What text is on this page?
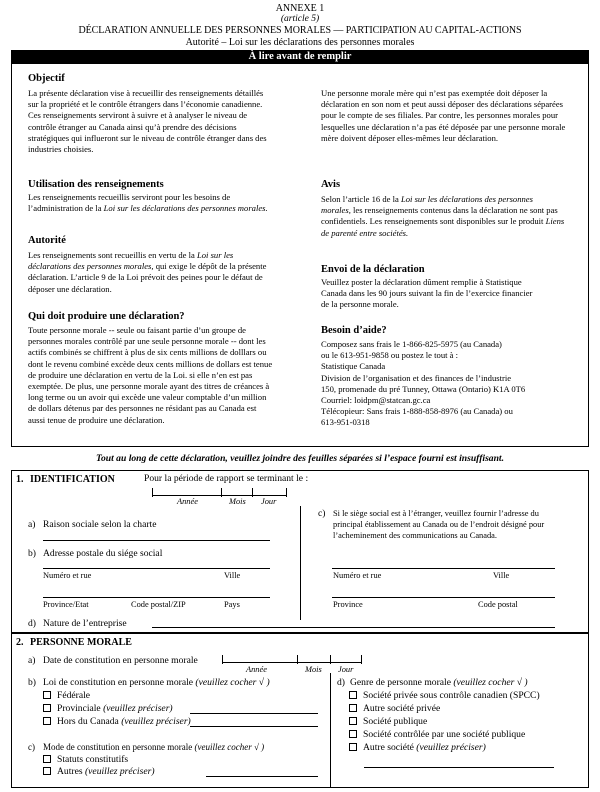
ANNEXE 1
(article 5)
DÉCLARATION ANNUELLE DES PERSONNES MORALES — PARTICIPATION AU CAPITAL-ACTIONS
Autorité – Loi sur les déclarations des personnes morales
À lire avant de remplir
Objectif
La présente déclaration vise à recueillir des renseignements détaillés
sur la propriété et le contrôle étrangers dans l’économie canadienne.
Ces renseignements serviront à suivre et à analyser le niveau de
contrôle étranger au Canada ainsi qu’à prendre des décisions
stratégiques qui influeront sur le niveau de contrôle étranger dans des
industries choisies.
Utilisation des renseignements
Les renseignements recueillis serviront pour les besoins de
l’administration de la Loi sur les déclarations des personnes morales.
Autorité
Les renseignements sont recueillis en vertu de la Loi sur les
déclarations des personnes morales, qui exige le dépôt de la présente
déclaration. L’article 9 de la Loi prévoit des peines pour le défaut de
déposer une déclaration.
Qui doit produire une déclaration?
Toute personne morale -- seule ou faisant partie d’un groupe de
personnes morales contrôlé par une seule personne morale -- dont les
actifs combinés se chiffrent à plus de six cents millions de dolllars ou
dont le revenu combiné excède deux cents millions de dollars est tenue
de produire une déclaration en vertu de la Loi. si elle n’en est pas
exemptée. De plus, une personne morale ayant des titres de créances à
long terme ou un avoir qui excède une valeur comptable d’un million
de dollars détenus par des personnes ne résidant pas au Canada est
aussi tenue de produire une déclaration.
Une personne morale mère qui n’est pas exemptée doit déposer la
déclaration en son nom et peut aussi déposer des déclarations séparées
pour le compte de ses filiales. Par contre, les personnes morales pour
lesquelles une déclaration n’a pas été déposée par une personne morale
mère doivent déposer elles-mêmes leur déclaration.
Avis
Selon l’article 16 de la Loi sur les déclarations des personnes
morales, les renseignements contenus dans la déclaration ne sont pas
confidentiels. Les renseignements sont disponibles sur le produit Liens
de parenté entre sociétés.
Envoi de la déclaration
Veuillez poster la déclaration dûment remplie à Statistique
Canada dans les 90 jours suivant la fin de l’exercice financier
de la personne morale.
Besoin d’aide?
Composez sans frais le 1-866-825-5975 (au Canada)
ou le 613-951-9858 ou postez le tout à :
Statistique Canada
Division de l’organisation et des finances de l’industrie
150, promenade du pré Tunney, Ottawa (Ontario) K1A 0T6
Courriel: loidpm@statcan.gc.ca
Télécopieur: Sans frais 1-888-858-8976 (au Canada) ou
613-951-0318
Tout au long de cette déclaration, veuillez joindre des feuilles séparées si l’espace fourni est insuffisant.
1. IDENTIFICATION	Pour la période de rapport se terminant le :
Année	Mois Jour
a) Raison sociale selon la charte
b) Adresse postale du siége social
Numéro et rue	Ville
Province/Etat	Code postal/ZIP	Pays
c) Si le siège social est à l’étranger, veuillez fournir l’adresse du
principal établissement au Canada ou de l’endroit désigné pour
l’acheminement des communications au Canada.
Numéro et rue	Ville
Province	Code postal
d) Nature de l’entreprise
2. PERSONNE MORALE
a) Date de constitution en personne morale
Année	Mois Jour
b) Loi de constitution en personne morale (veuillez cocher √ )
Fédérale
Provinciale (veuillez préciser)
Hors du Canada (veuillez préciser)
c) Mode de constitution en personne morale (veuillez cocher √ )
Statuts constitutifs
Autres (veuillez préciser)
d) Genre de personne morale (veuillez cocher √ )
Société privée sous contrôle canadien (SPCC)
Autre société privée
Société publique
Société contrôlée par une société publique
Autre société (veuillez préciser)
